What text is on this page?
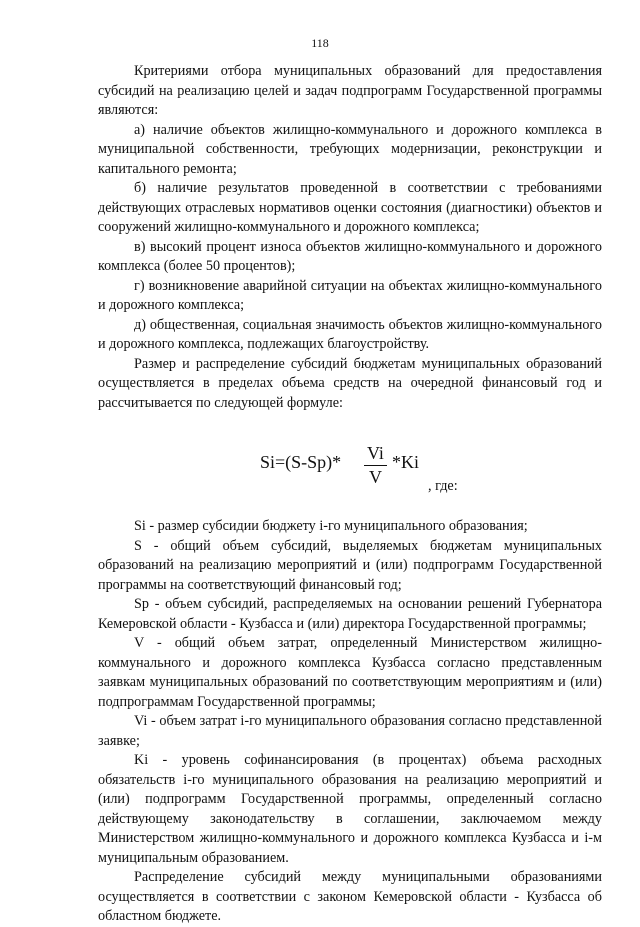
118

Критериями отбора муниципальных образований для предоставления субсидий на реализацию целей и задач подпрограмм Государственной программы являются:

а) наличие объектов жилищно-коммунального и дорожного комплекса в муниципальной собственности, требующих модернизации, реконструкции и капитального ремонта;

б) наличие результатов проведенной в соответствии с требованиями действующих отраслевых нормативов оценки состояния (диагностики) объектов и сооружений жилищно-коммунального и дорожного комплекса;

в) высокий процент износа объектов жилищно-коммунального и дорожного комплекса (более 50 процентов);

г) возникновение аварийной ситуации на объектах жилищно-коммунального и дорожного комплекса;

д) общественная, социальная значимость объектов жилищно-коммунального и дорожного комплекса, подлежащих благоустройству.

Размер и распределение субсидий бюджетам муниципальных образований осуществляется в пределах объема средств на очередной финансовый год и рассчитывается по следующей формуле:

$Si=(S-Sp)* \frac{Vi}{V} *Ki$
, где:

Si - размер субсидии бюджету i-го муниципального образования;

S - общий объем субсидий, выделяемых бюджетам муниципальных образований на реализацию мероприятий и (или) подпрограмм Государственной программы на соответствующий финансовый год;

Sp - объем субсидий, распределяемых на основании решений Губернатора Кемеровской области - Кузбасса и (или) директора Государственной программы;

V - общий объем затрат, определенный Министерством жилищно-коммунального и дорожного комплекса Кузбасса согласно представленным заявкам муниципальных образований по соответствующим мероприятиям и (или) подпрограммам Государственной программы;

Vi - объем затрат i-го муниципального образования согласно представленной заявке;

Ki - уровень софинансирования (в процентах) объема расходных обязательств i-го муниципального образования на реализацию мероприятий и (или) подпрограмм Государственной программы, определенный согласно действующему законодательству в соглашении, заключаемом между Министерством жилищно-коммунального и дорожного комплекса Кузбасса и i-м муниципальным образованием.

Распределение субсидий между муниципальными образованиями осуществляется в соответствии с законом Кемеровской области - Кузбасса об областном бюджете.
